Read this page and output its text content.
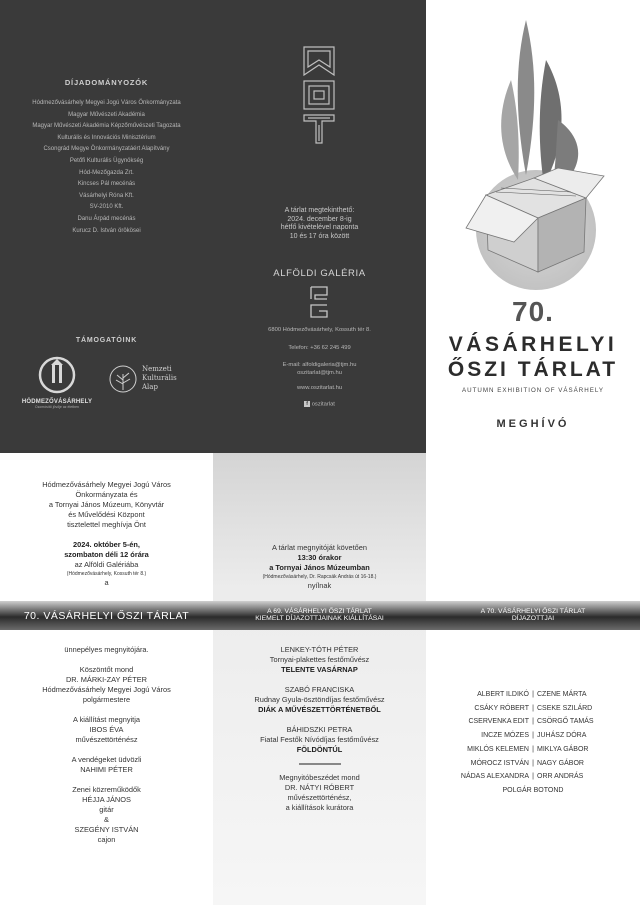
DÍJADOMÁNYOZÓK
Hódmezővásárhely Megyei Jogú Város Önkormányzata
Magyar Művészeti Akadémia
Magyar Művészeti Akadémia Képzőművészeti Tagozata
Kulturális és Innovációs Minisztérium
Csongrád Megye Önkormányzatáért Alapítvány
Petőfi Kulturális Ügynökség
Hód-Mezőgazda Zrt.
Kincses Pál mecénás
Vásárhelyi Róna Kft.
SV-2010 Kft.
Danu Árpád mecénás
Kurucz D. István örökösei
TÁMOGATÓINK
HÓDMEZŐVÁSÁRHELY
Csomósítő jövője az életben
Nemzeti
Kulturális
Alap
A tárlat megtekinthető:
2024. december 8-ig
hétfő kivételével naponta
10 és 17 óra között
ALFÖLDI GALÉRIA
6800 Hódmezővásárhely, Kossuth tér 8.
Telefon: +36 62 245 499
E-mail: alfoldigaleria@tjm.hu
oszitarlat@tjm.hu
www.oszitarlat.hu
f oszitarlat
70.
VÁSÁRHELYI
ŐSZI TÁRLAT
AUTUMN EXHIBITION OF VÁSÁRHELY
MEGHÍVÓ
Hódmezővásárhely Megyei Jogú Város
Önkormányzata és
a Tornyai János Múzeum, Könyvtár
és Művelődési Központ
tisztelettel meghívja Önt
2024. október 5-én,
szombaton déli 12 órára
az Alföldi Galériába
(Hódmezővásárhely, Kossuth tér 8.)
a
A tárlat megnyitóját követően
13:30 órakor
a Tornyai János Múzeumban
(Hódmezővásárhely, Dr. Rapcsák András út 16-18.)
nyílnak
70. VÁSÁRHELYI ŐSZI TÁRLAT	A 69. VÁSÁRHELYI ŐSZI TÁRLAT
KIEMELT DÍJAZOTTJAINAK KIÁLLÍTÁSAI
A 70. VÁSÁRHELYI ŐSZI TÁRLAT
DÍJAZOTTJAI
ünnepélyes megnyitójára.
Köszöntőt mond
DR. MÁRKI-ZAY PÉTER
Hódmezővásárhely Megyei Jogú Város
polgármestere
A kiállítást megnyitja
IBOS ÉVA
művészettörténész
A vendégeket üdvözli
NAHIMI PÉTER
Zenei közreműködők
HÉJJA JÁNOS
gitár
&
SZEGÉNY ISTVÁN
cajon
LENKEY-TÓTH PÉTER
Tornyai-plakettes festőművész
TELENTE VASÁRNAP
SZABÓ FRANCISKA
Rudnay Gyula-ösztöndíjas festőművész
DIÁK A MŰVÉSZETTÖRTÉNETBŐL
BÁHIDSZKI PETRA
Fiatal Festők Nívódíjas festőművész
FÖLDÖNTÚL
Megnyitóbeszédet mond
DR. NÁTYI RÓBERT
művészettörténész,
a kiállítások kurátora
ALBERT ILDIKÓ | CZENE MÁRTA
CSÁKY RÓBERT | CSEKE SZILÁRD
CSERVENKA EDIT | CSÖRGŐ TAMÁS
INCZE MÓZES | JUHÁSZ DÓRA
MIKLÓS KELEMEN | MIKLYA GÁBOR
MÓROCZ ISTVÁN | NAGY GÁBOR
NÁDAS ALEXANDRA | ORR ANDRÁS
POLGÁR BOTOND
